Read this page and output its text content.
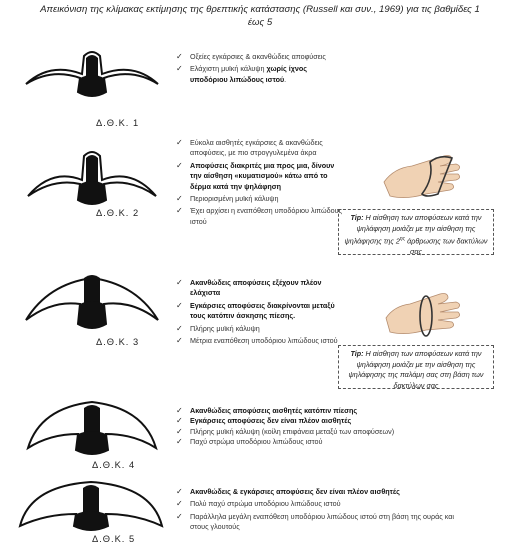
Απεικόνιση της κλίμακας εκτίμησης της θρεπτικής κατάστασης (Russell και συν., 1969) για τις βαθμίδες 1 έως 5
Δ.Θ.Κ. 1
✓ Οξείες εγκάρσιες & ακανθώδεις αποφύσεις
✓ Ελάχιστη μυϊκή κάλυψη χωρίς ίχνος υποδόριου λιπώδους ιστού.
Δ.Θ.Κ. 2
✓ Εύκολα αισθητές εγκάρσιες & ακανθώδεις αποφύσεις, με πιο στρογγυλεμένα άκρα
✓ Αποφύσεις διακριτές μια προς μια, δίνουν την αίσθηση «κυματισμού» κάτω από το δέρμα κατά την ψηλάφηση
✓ Περιορισμένη μυϊκή κάλυψη
✓ Έχει αρχίσει η εναπόθεση υποδόριου λιπώδους ιστού	Tip: Η αίσθηση των αποφύσεων κατά την ψηλάφηση μοιάζει με την αίσθηση της ψηλάφησης της $2^{\eta\varsigma}$ άρθρωσης των δακτύλων σας
Δ.Θ.Κ. 3
✓ Ακανθώδεις αποφύσεις εξέχουν πλέον ελάχιστα
✓ Εγκάρσιες αποφύσεις διακρίνονται μεταξύ τους κατόπιν άσκησης πίεσης.
✓ Πλήρης μυϊκή κάλυψη
✓ Μέτρια εναπόθεση υποδόριου λιπώδους ιστού
Tip: Η αίσθηση των αποφύσεων κατά την ψηλάφηση μοιάζει με την αίσθηση της ψηλάφησης της παλάμη σας στη βάση των δακτύλων σας
Δ.Θ.Κ. 4
✓ Ακανθώδεις αποφύσεις αισθητές κατόπιν πίεσης
✓ Εγκάρσιες αποφύσεις δεν είναι πλέον αισθητές
✓ Πλήρης μυϊκή κάλυψη (κοίλη επιφάνεια μεταξύ των αποφύσεων)
✓ Παχύ στρώμα υποδόριου λιπώδους ιστού
Δ.Θ.Κ. 5
✓ Ακανθώδεις & εγκάρσιες αποφύσεις δεν είναι πλέον αισθητές
✓ Πολύ παχύ στρώμα υποδόριου λιπώδους ιστού
✓ Παράλληλα μεγάλη εναπόθεση υποδόριου λιπώδους ιστού στη βάση της ουράς και στους γλουτούς
